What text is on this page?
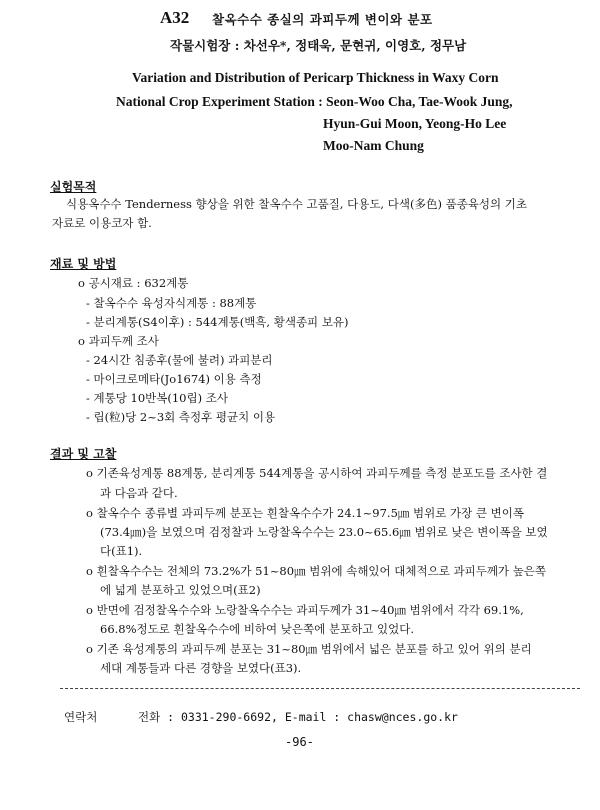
A32 찰옥수수 종실의 과피두께 변이와 분포
작물시험장 : 차선우*, 정태욱, 문현귀, 이영호, 정무남
Variation and Distribution of Pericarp Thickness in Waxy Corn
National Crop Experiment Station : Seon-Woo Cha, Tae-Wook Jung,
Hyun-Gui Moon, Yeong-Ho Lee
Moo-Nam Chung
실험목적
식용옥수수 Tenderness 향상을 위한 찰옥수수 고품질, 다용도, 다색(多色) 품종육성의 기초
자료로 이용코자 함.
재료 및 방법
o 공시재료 : 632계통
- 찰옥수수 육성자식계통 : 88계통
- 분리계통(S4이후) : 544계통(백흑, 황색종피 보유)
o 과피두께 조사
- 24시간 침종후(물에 불려) 과피분리
- 마이크로메타(Jo1674) 이용 측정
- 계통당 10반복(10립) 조사
- 립(粒)당 2~3회 측정후 평균치 이용
결과 및 고찰
o 기존육성계통 88계통, 분리계통 544계통을 공시하여 과피두께를 측정 분포도를 조사한 결
과 다음과 같다.
o 찰옥수수 종류별 과피두께 분포는 흰찰옥수수가 24.1~97.5㎛ 범위로 가장 큰 변이폭
(73.4㎛)을 보였으며 검정찰과 노랑찰옥수수는 23.0~65.6㎛ 범위로 낮은 변이폭을 보였
다(표1).
o 흰찰옥수수는 전체의 73.2%가 51~80㎛ 범위에 속해있어 대체적으로 과피두께가 높은쪽
에 넓게 분포하고 있었으며(표2)
o 반면에 검정찰옥수수와 노랑찰옥수수는 과피두께가 31~40㎛ 범위에서 각각 69.1%,
66.8%정도로 흰찰옥수수에 비하여 낮은쪽에 분포하고 있었다.
o 기존 육성계통의 과피두께 분포는 31~80㎛ 범위에서 넓은 분포를 하고 있어 위의 분리
세대 계통들과 다른 경향을 보였다(표3).
연락처	전화 : 0331-290-6692, E-mail : chasw@nces.go.kr
-96-
